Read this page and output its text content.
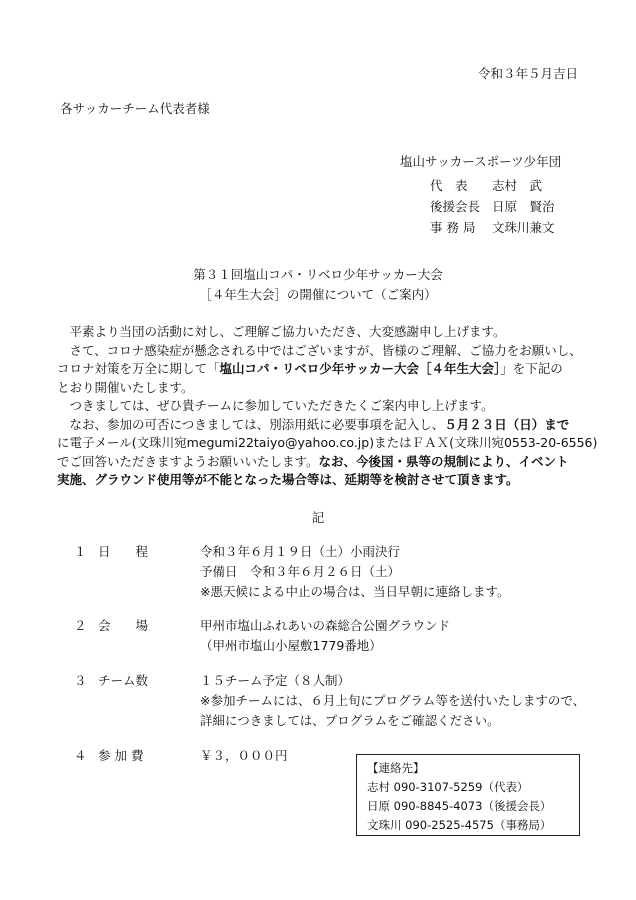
令和３年５月吉日
各サッカーチーム代表者様
塩山サッカースポーツ少年団
代　表	志村　武
後援会長 日原　賢治
事 務 局	文珠川兼文
第３１回塩山コパ・リベロ少年サッカー大会
［４年生大会］の開催について（ご案内）
　平素より当団の活動に対し、ご理解ご協力いただき、大変感謝申し上げます。
　さて、コロナ感染症が懸念される中ではございますが、皆様のご理解、ご協力をお願いし、
コロナ対策を万全に期して「塩山コパ・リベロ少年サッカー大会［４年生大会］」を下記の
とおり開催いたします。
　つきましては、ぜひ貴チームに参加していただきたくご案内申し上げます。
　なお、参加の可否につきましては、別添用紙に必要事項を記入し、５月２３日（日）まで
に電子メール(文珠川宛megumi22taiyo@yahoo.co.jp)またはＦＡＸ(文珠川宛0553-20-6556)
でご回答いただきますようお願いいたします。なお、今後国・県等の規制により、イベント
実施、グラウンド使用等が不能となった場合等は、延期等を検討させて頂きます。
記
１ 日　　程	令和３年６月１９日（土）小雨決行
予備日　令和３年６月２６日（土）
※悪天候による中止の場合は、当日早朝に連絡します。
２ 会　　場	甲州市塩山ふれあいの森総合公園グラウンド
（甲州市塩山小屋敷1779番地）
３ チーム数	１５チーム予定（８人制）
※参加チームには、６月上旬にプログラム等を送付いたしますので、
詳細につきましては、プログラムをご確認ください。
４ 参 加 費	￥３，０００円
【連絡先】
志村 090-3107-5259（代表）
日原 090-8845-4073（後援会長）
文珠川 090-2525-4575（事務局）
